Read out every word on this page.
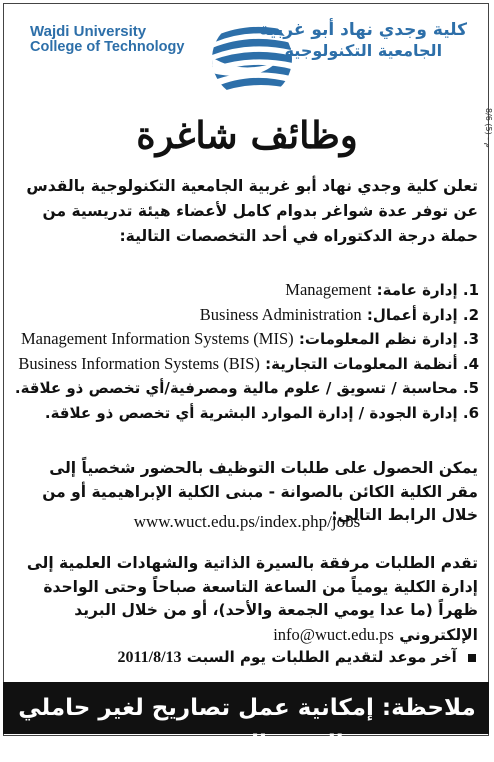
Wajdi University
College of Technology
كلية وجدي نهاد أبو غربية
الجامعية التكنولوجية
م - (5) 8/6
وظائف شاغرة
تعلن كلية وجدي نهاد أبو غربية الجامعية التكنولوجية بالقدس عن توفر عدة شواغر بدوام كامل لأعضاء هيئة تدريسية من حملة درجة الدكتوراه في أحد التخصصات التالية:
1. إدارة عامة: Management
2. إدارة أعمال: Business Administration
3. إدارة نظم المعلومات: Management Information Systems (MIS)
4. أنظمة المعلومات التجارية: Business Information Systems (BIS)
5. محاسبة / تسويق / علوم مالية ومصرفية/أي تخصص ذو علاقة.
6. إدارة الجودة / إدارة الموارد البشرية أي تخصص ذو علاقة.
يمكن الحصول على طلبات التوظيف بالحضور شخصياً إلى مقر الكلية الكائن بالصوانة - مبنى الكلية الإبراهيمية أو من خلال الرابط التالي:
www.wuct.edu.ps/index.php/jobs
تقدم الطلبات مرفقة بالسيرة الذاتية والشهادات العلمية إلى إدارة الكلية يومياً من الساعة التاسعة صباحاً وحتى الواحدة ظهراً (ما عدا يومي الجمعة والأحد)، أو من خلال البريد الإلكتروني info@wuct.edu.ps
آخر موعد لتقديم الطلبات يوم السبت 2011/8/13
ملاحظة: إمكانية عمل تصاريح لغير حاملي الهوية المقدسية.
